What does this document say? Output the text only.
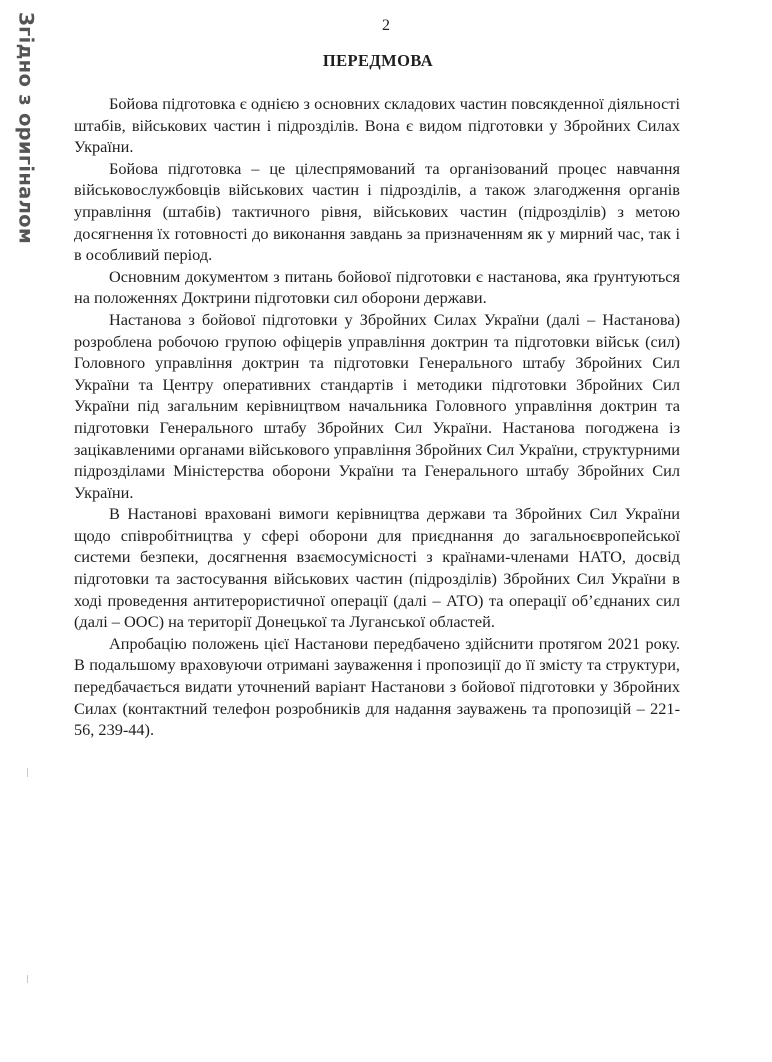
2
Згідно з оригіналом	ПЕРЕДМОВА

Бойова підготовка є однією з основних складових частин повсякденної діяльності штабів, військових частин і підрозділів. Вона є видом підготовки у Збройних Силах України.

Бойова підготовка – це цілеспрямований та організований процес навчання військовослужбовців військових частин і підрозділів, а також злагодження органів управління (штабів) тактичного рівня, військових частин (підрозділів) з метою досягнення їх готовності до виконання завдань за призначенням як у мирний час, так і в особливий період.

Основним документом з питань бойової підготовки є настанова, яка ґрунтуються на положеннях Доктрини підготовки сил оборони держави.

Настанова з бойової підготовки у Збройних Силах України (далі – Настанова) розроблена робочою групою офіцерів управління доктрин та підготовки військ (сил) Головного управління доктрин та підготовки Генерального штабу Збройних Сил України та Центру оперативних стандартів і методики підготовки Збройних Сил України під загальним керівництвом начальника Головного управління доктрин та підготовки Генерального штабу Збройних Сил України. Настанова погоджена із зацікавленими органами військового управління Збройних Сил України, структурними підрозділами Міністерства оборони України та Генерального штабу Збройних Сил України.

В Настанові враховані вимоги керівництва держави та Збройних Сил України щодо співробітництва у сфері оборони для приєднання до загальноєвропейської системи безпеки, досягнення взаємосумісності з країнами-членами НАТО, досвід підготовки та застосування військових частин (підрозділів) Збройних Сил України в ході проведення антитерористичної операції (далі – АТО) та операції об’єднаних сил (далі – ООС) на території Донецької та Луганської областей.

Апробацію положень цієї Настанови передбачено здійснити протягом 2021 року. В подальшому враховуючи отримані зауваження і пропозиції до її змісту та структури, передбачається видати уточнений варіант Настанови з бойової підготовки у Збройних Силах (контактний телефон розробників для надання зауважень та пропозицій – 221-56, 239-44).
